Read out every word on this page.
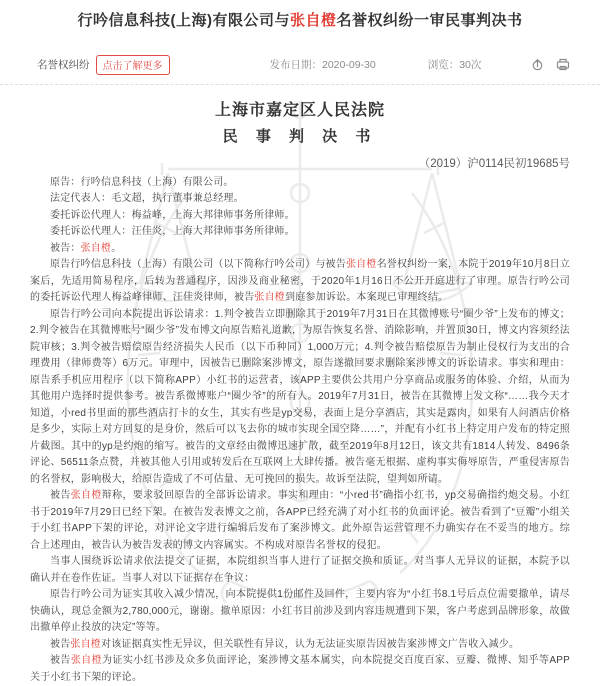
行吟信息科技(上海)有限公司与张自橙名誉权纠纷一审民事判决书
名誉权纠纷	点击了解更多	发布日期：2020-09-30	浏览：30次

上海市嘉定区人民法院

民 事 判 决 书

（2019）沪0114民初19685号

原告：行吟信息科技（上海）有限公司。

法定代表人：毛文超，执行董事兼总经理。

委托诉讼代理人：梅益峰，上海大邦律师事务所律师。

委托诉讼代理人：汪佳炎，上海大邦律师事务所律师。

被告：张自橙。

原告行吟信息科技（上海）有限公司（以下简称行吟公司）与被告张自橙名誉权纠纷一案，本院于2019年10月8日立案后，先适用简易程序，后转为普通程序，因涉及商业秘密，于2020年1月16日不公开开庭进行了审理。原告行吟公司的委托诉讼代理人梅益峰律师、汪佳炎律师，被告张自橙到庭参加诉讼。本案现已审理终结。

原告行吟公司向本院提出诉讼请求：1.判令被告立即删除其于2019年7月31日在其微博账号“圈少爷”上发布的博文；2.判令被告在其微博账号“圈少爷”发布博文向原告赔礼道歉，为原告恢复名誉、消除影响，并置顶30日，博文内容须经法院审核；3.判令被告赔偿原告经济损失人民币（以下币种同）1,000万元；4.判令被告赔偿原告为制止侵权行为支出的合理费用（律师费等）6万元。审理中，因被告已删除案涉博文，原告遂撤回要求删除案涉博文的诉讼请求。事实和理由：原告系手机应用程序（以下简称APP）小红书的运营者，该APP主要供公共用户分享商品或服务的体验、介绍，从而为其他用户选择时提供参考。被告系微博账户“圈少爷”的所有人。2019年7月31日，被告在其微博上发文称“……我今天才知道，小red书里面的那些酒店打卡的女生，其实有些是yp交易，表面上是分享酒店，其实是露肉，如果有人问酒店价格是多少，实际上对方回复的是身价，然后可以飞去你的城市实现全国空降……”，并配有小红书上特定用户发布的特定照片截图。其中的yp是约炮的缩写。被告的文章经由微博迅速扩散，截至2019年8月12日，该文共有1814人转发、8496条评论、56511条点赞，并被其他人引用或转发后在互联网上大肆传播。被告毫无根据、虚构事实侮辱原告，严重侵害原告的名誉权，影响极大，给原告造成了不可估量、无可挽回的损失。故诉至法院，望判如所请。

被告张自橙辩称，要求驳回原告的全部诉讼请求。事实和理由：“小red书”确指小红书，yp交易确指约炮交易。小红书于2019年7月29日已经下架。在被告发表博文之前，各APP已经充满了对小红书的负面评论。被告看到了“豆瓣”小组关于小红书APP下架的评论，对评论文字进行编辑后发布了案涉博文。此外原告运营管理不力确实存在不妥当的地方。综合上述理由，被告认为被告发表的博文内容属实。不构成对原告名誉权的侵犯。

当事人围绕诉讼请求依法提交了证据，本院组织当事人进行了证据交换和质证。对当事人无异议的证据，本院予以确认并在卷作佐证。当事人对以下证据存在争议：

原告行吟公司为证实其收入减少情况，向本院提供1份邮件及回件，主要内容为“小红书8.1号后点位需要撤单，请尽快确认，现总金额为2,780,000元，谢谢。撤单原因：小红书目前涉及到内容违规遭到下架，客户考虑到品牌形象，故做出撤单停止投放的决定”等等。

被告张自橙对该证据真实性无异议，但关联性有异议，认为无法证实原告因被告案涉博文广告收入减少。

被告张自橙为证实小红书涉及众多负面评论，案涉博文基本属实，向本院提交百度百家、豆瓣、微博、知乎等APP关于小红书下架的评论。
